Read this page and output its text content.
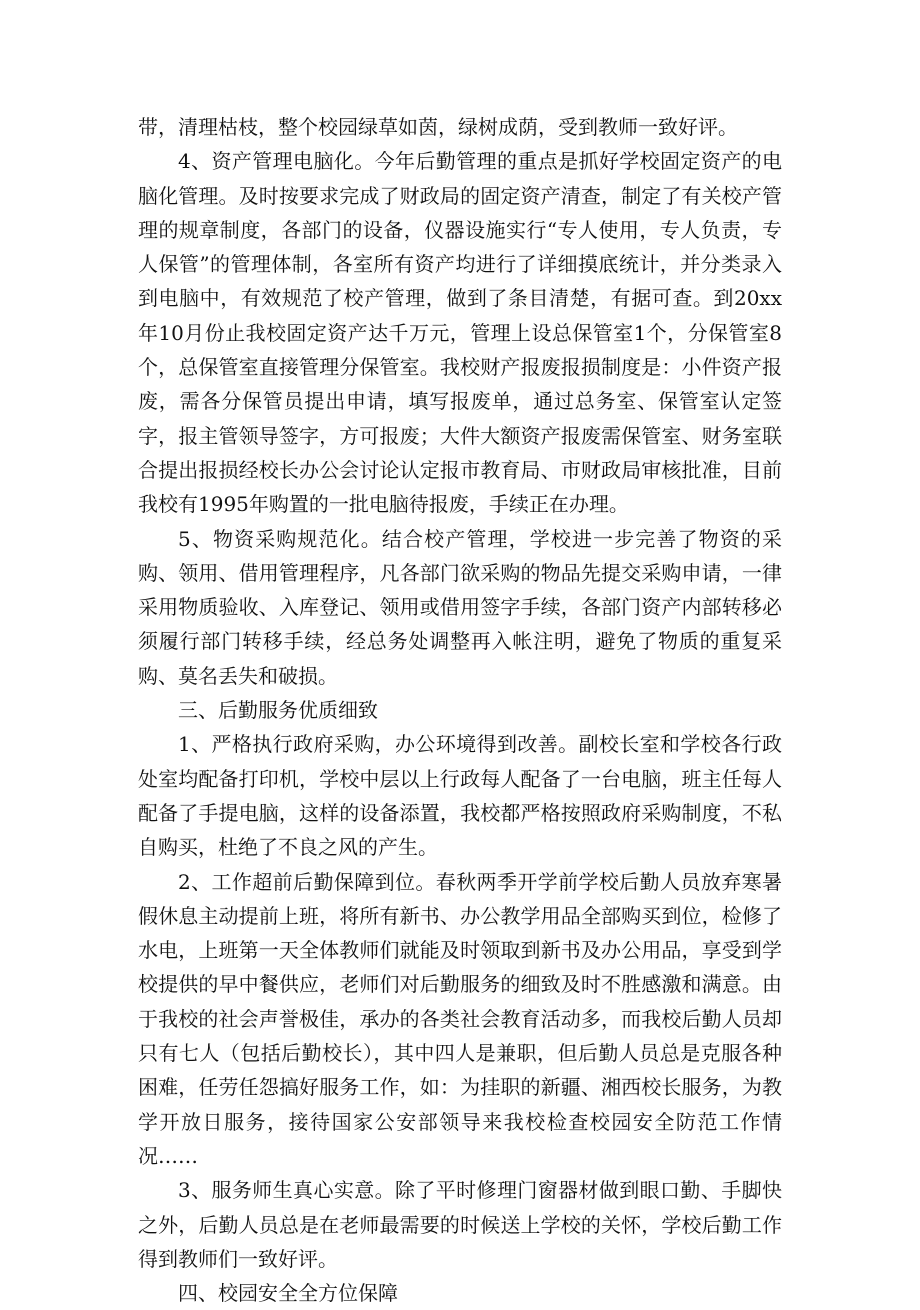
带，清理枯枝，整个校园绿草如茵，绿树成荫，受到教师一致好评。

4、资产管理电脑化。今年后勤管理的重点是抓好学校固定资产的电脑化管理。及时按要求完成了财政局的固定资产清查，制定了有关校产管理的规章制度，各部门的设备，仪器设施实行“专人使用，专人负责，专人保管”的管理体制，各室所有资产均进行了详细摸底统计，并分类录入到电脑中，有效规范了校产管理，做到了条目清楚，有据可查。到20xx年10月份止我校固定资产达千万元，管理上设总保管室1个，分保管室8个，总保管室直接管理分保管室。我校财产报废报损制度是：小件资产报废，需各分保管员提出申请，填写报废单，通过总务室、保管室认定签字，报主管领导签字，方可报废；大件大额资产报废需保管室、财务室联合提出报损经校长办公会讨论认定报市教育局、市财政局审核批准，目前我校有1995年购置的一批电脑待报废，手续正在办理。

5、物资采购规范化。结合校产管理，学校进一步完善了物资的采购、领用、借用管理程序，凡各部门欲采购的物品先提交采购申请，一律采用物质验收、入库登记、领用或借用签字手续，各部门资产内部转移必须履行部门转移手续，经总务处调整再入帐注明，避免了物质的重复采购、莫名丢失和破损。

三、后勤服务优质细致

1、严格执行政府采购，办公环境得到改善。副校长室和学校各行政处室均配备打印机，学校中层以上行政每人配备了一台电脑，班主任每人配备了手提电脑，这样的设备添置，我校都严格按照政府采购制度，不私自购买，杜绝了不良之风的产生。

2、工作超前后勤保障到位。春秋两季开学前学校后勤人员放弃寒暑假休息主动提前上班，将所有新书、办公教学用品全部购买到位，检修了水电，上班第一天全体教师们就能及时领取到新书及办公用品，享受到学校提供的早中餐供应，老师们对后勤服务的细致及时不胜感激和满意。由于我校的社会声誉极佳，承办的各类社会教育活动多，而我校后勤人员却只有七人（包括后勤校长），其中四人是兼职，但后勤人员总是克服各种困难，任劳任怨搞好服务工作，如：为挂职的新疆、湘西校长服务，为教学开放日服务，接待国家公安部领导来我校检查校园安全防范工作情况……

3、服务师生真心实意。除了平时修理门窗器材做到眼口勤、手脚快之外，后勤人员总是在老师最需要的时候送上学校的关怀，学校后勤工作得到教师们一致好评。

四、校园安全全方位保障
